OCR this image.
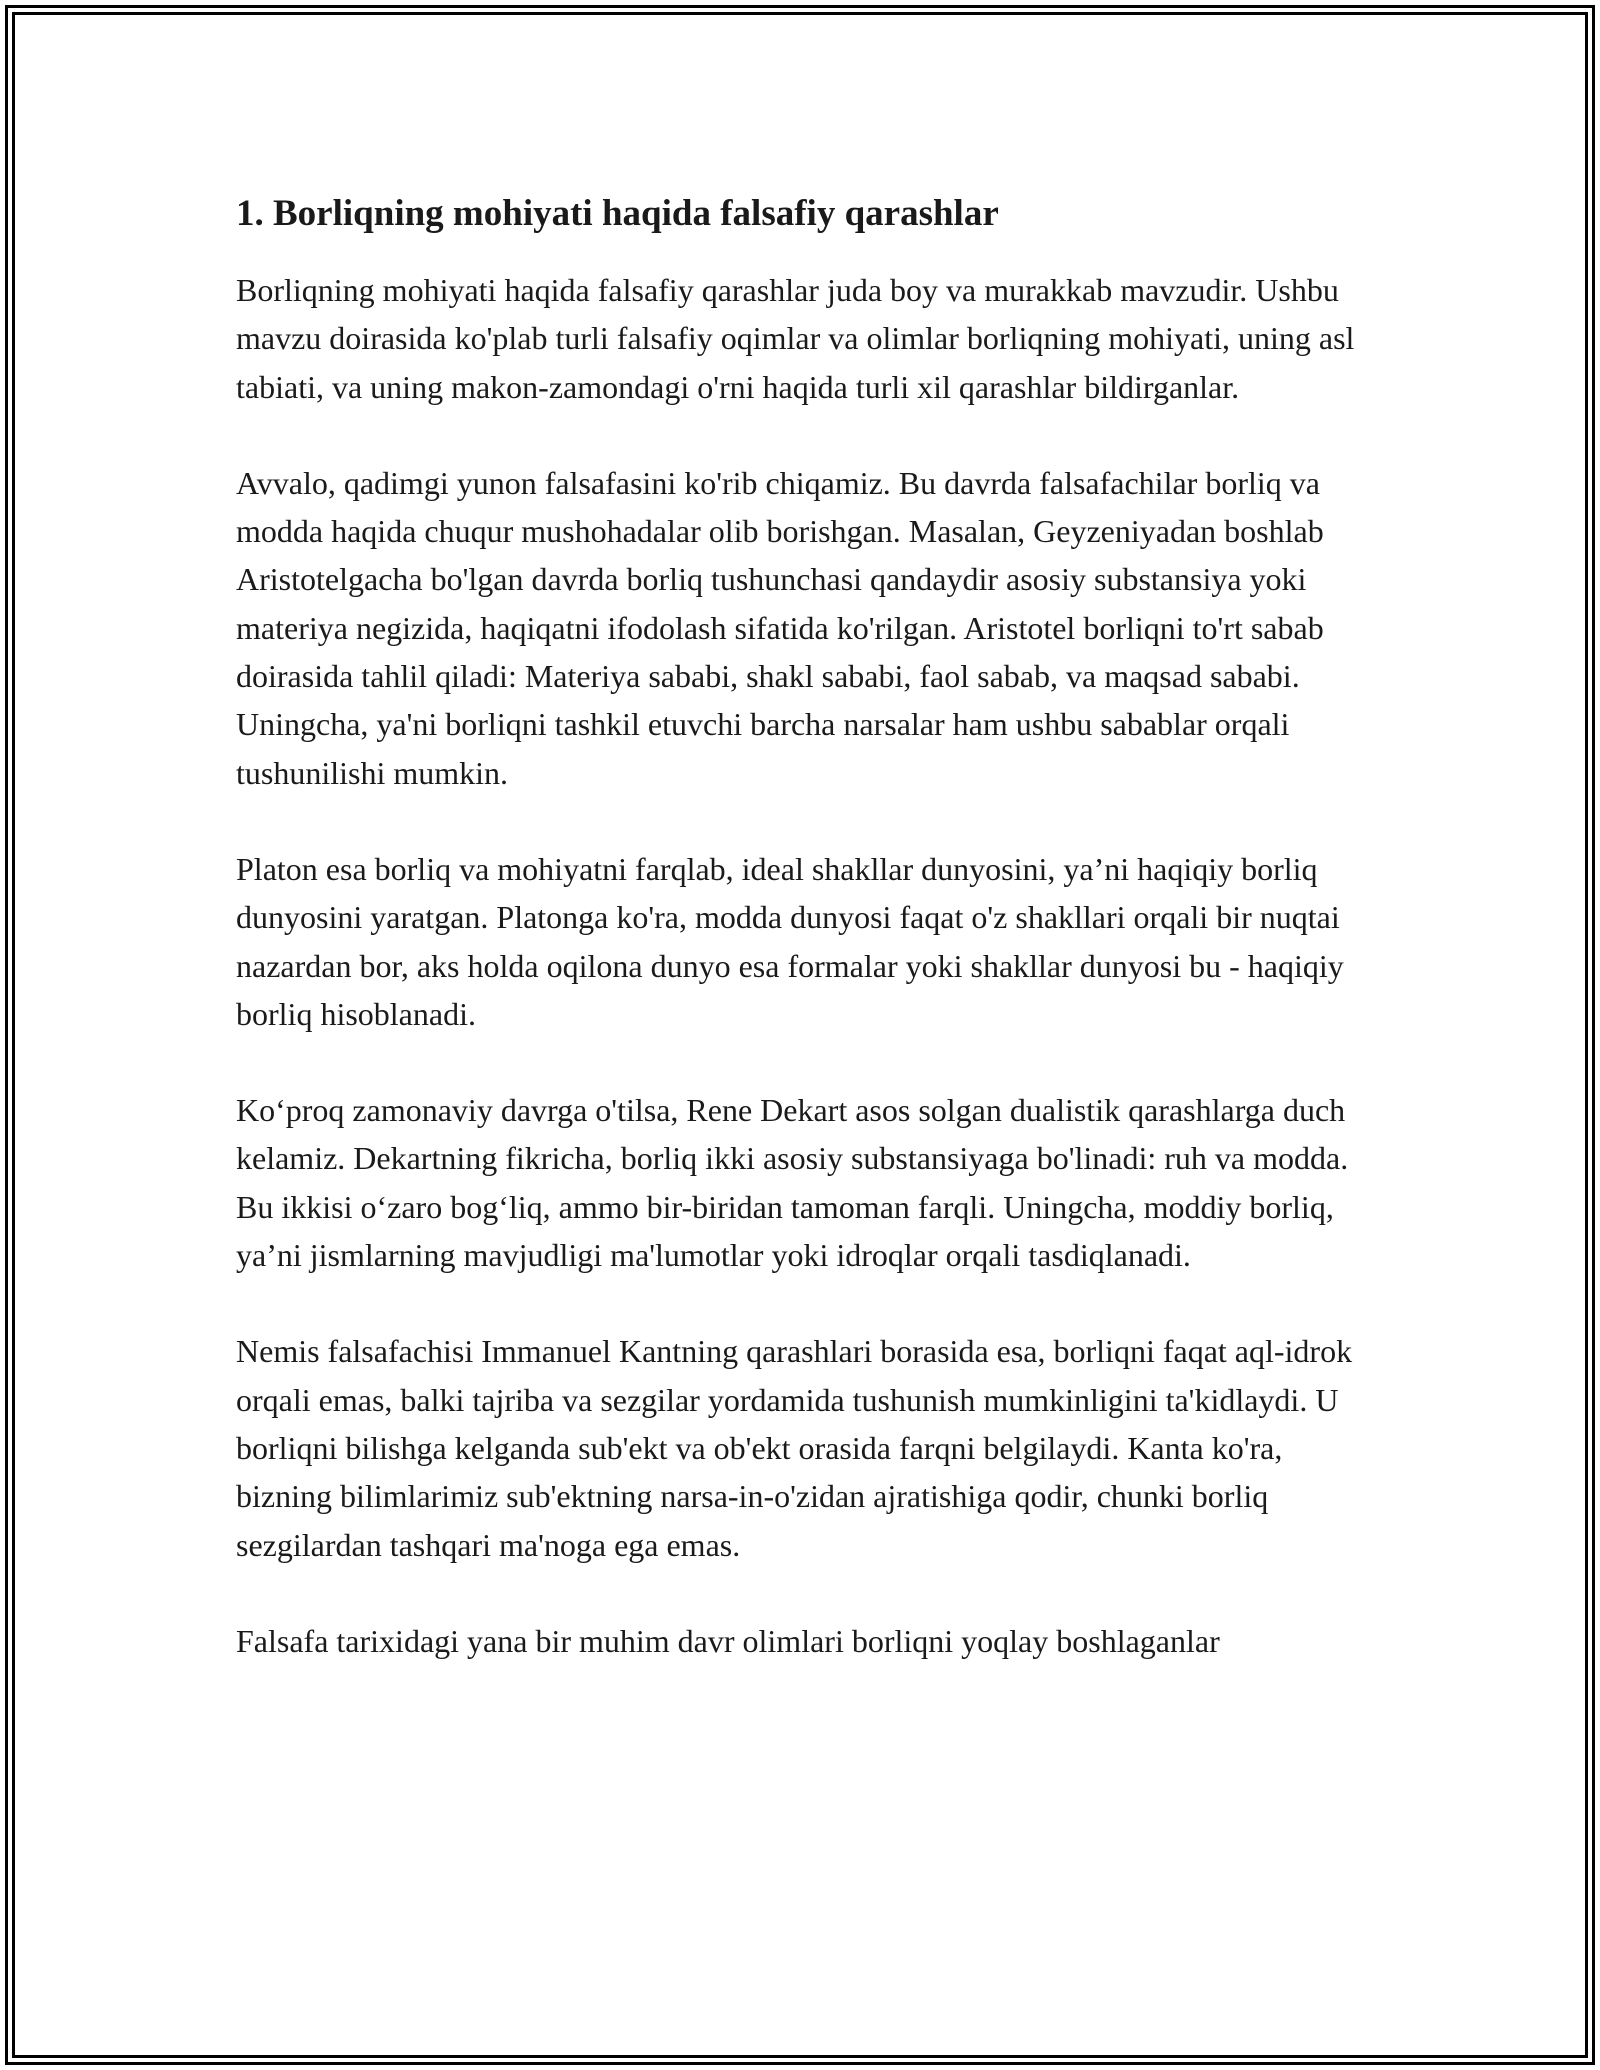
1. Borliqning mohiyati haqida falsafiy qarashlar

Borliqning mohiyati haqida falsafiy qarashlar juda boy va murakkab mavzudir. Ushbu mavzu doirasida ko'plab turli falsafiy oqimlar va olimlar borliqning mohiyati, uning asl tabiati, va uning makon-zamondagi o'rni haqida turli xil qarashlar bildirganlar.

Avvalo, qadimgi yunon falsafasini ko'rib chiqamiz. Bu davrda falsafachilar borliq va modda haqida chuqur mushohadalar olib borishgan. Masalan, Geyzeniyadan boshlab Aristotelgacha bo'lgan davrda borliq tushunchasi qandaydir asosiy substansiya yoki materiya negizida, haqiqatni ifodolash sifatida ko'rilgan. Aristotel borliqni to'rt sabab doirasida tahlil qiladi: Materiya sababi, shakl sababi, faol sabab, va maqsad sababi. Uningcha, ya'ni borliqni tashkil etuvchi barcha narsalar ham ushbu sabablar orqali tushunilishi mumkin.

Platon esa borliq va mohiyatni farqlab, ideal shakllar dunyosini, ya’ni haqiqiy borliq dunyosini yaratgan. Platonga ko'ra, modda dunyosi faqat o'z shakllari orqali bir nuqtai nazardan bor, aks holda oqilona dunyo esa formalar yoki shakllar dunyosi bu - haqiqiy borliq hisoblanadi.

Koʻproq zamonaviy davrga o'tilsa, Rene Dekart asos solgan dualistik qarashlarga duch kelamiz. Dekartning fikricha, borliq ikki asosiy substansiyaga bo'linadi: ruh va modda. Bu ikkisi oʻzaro bogʻliq, ammo bir-biridan tamoman farqli. Uningcha, moddiy borliq, ya’ni jismlarning mavjudligi ma'lumotlar yoki idroqlar orqali tasdiqlanadi.

Nemis falsafachisi Immanuel Kantning qarashlari borasida esa, borliqni faqat aql-idrok orqali emas, balki tajriba va sezgilar yordamida tushunish mumkinligini ta'kidlaydi. U borliqni bilishga kelganda sub'ekt va ob'ekt orasida farqni belgilaydi. Kanta ko'ra, bizning bilimlarimiz sub'ektning narsa-in-o'zidan ajratishiga qodir, chunki borliq sezgilardan tashqari ma'noga ega emas.

Falsafa tarixidagi yana bir muhim davr olimlari borliqni yoqlay boshlaganlar
